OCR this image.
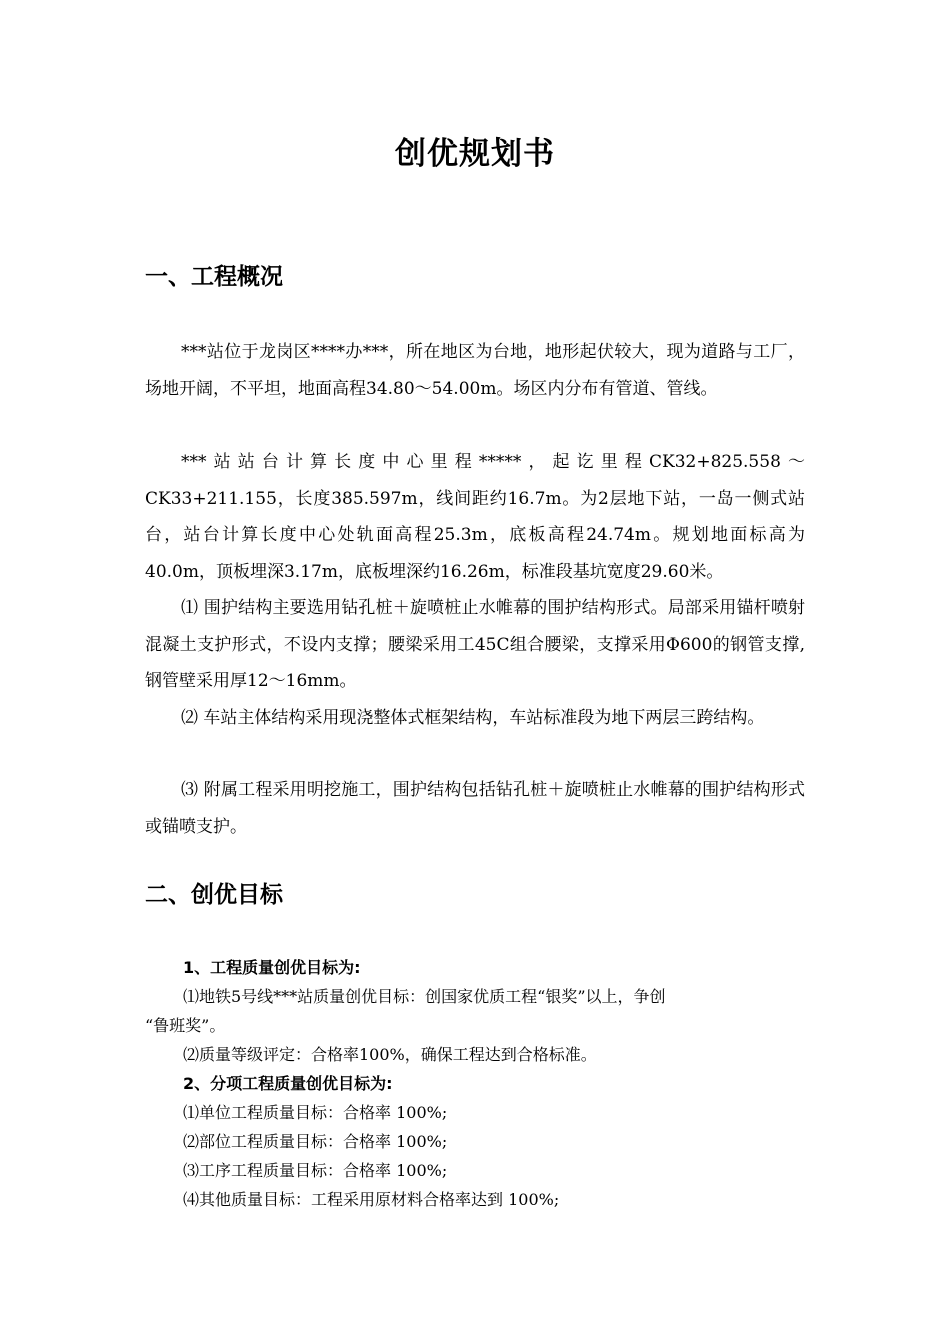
创优规划书
一、工程概况

***站位于龙岗区****办***，所在地区为台地，地形起伏较大，现为道路与工厂，场地开阔，不平坦，地面高程34.80～54.00m。场区内分布有管道、管线。

***站站台计算长度中心里程*****，起讫里程CK32+825.558～CK33+211.155，长度385.597m，线间距约16.7m。为2层地下站，一岛一侧式站台，站台计算长度中心处轨面高程25.3m，底板高程24.74m。规划地面标高为40.0m，顶板埋深3.17m，底板埋深约16.26m，标准段基坑宽度29.60米。

⑴ 围护结构主要选用钻孔桩＋旋喷桩止水帷幕的围护结构形式。局部采用锚杆喷射混凝土支护形式，不设内支撑；腰梁采用工45C组合腰梁，支撑采用Φ600的钢管支撑,钢管壁采用厚12～16mm。

⑵ 车站主体结构采用现浇整体式框架结构，车站标准段为地下两层三跨结构。

⑶ 附属工程采用明挖施工，围护结构包括钻孔桩＋旋喷桩止水帷幕的围护结构形式或锚喷支护。

二、创优目标

1、工程质量创优目标为:

⑴地铁5号线***站质量创优目标：创国家优质工程“银奖”以上，争创

“鲁班奖”。

⑵质量等级评定：合格率100%，确保工程达到合格标准。

2、分项工程质量创优目标为:

⑴单位工程质量目标：合格率 100%;

⑵部位工程质量目标：合格率 100%;

⑶工序工程质量目标：合格率 100%;

⑷其他质量目标：工程采用原材料合格率达到 100%;
